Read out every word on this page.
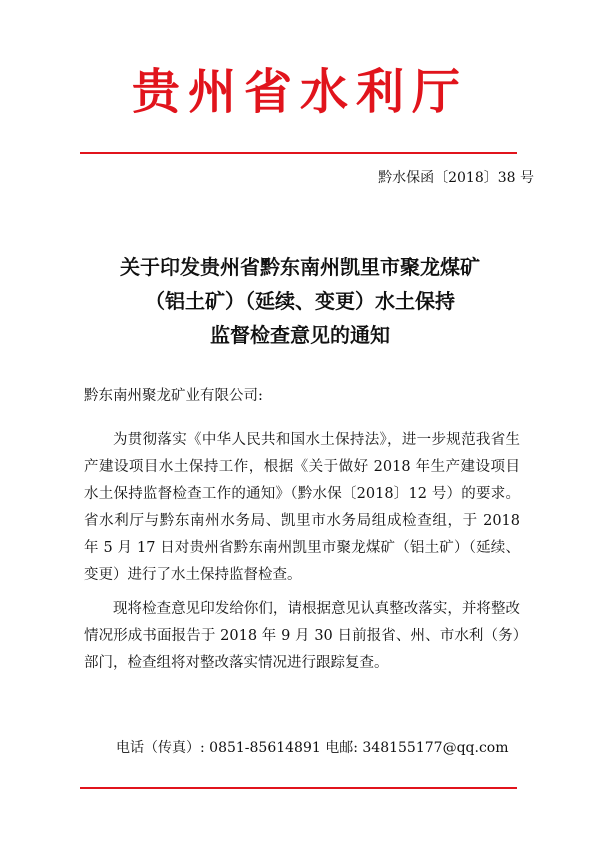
贵州省水利厅
黔水保函〔2018〕38 号
关于印发贵州省黔东南州凯里市聚龙煤矿
（铝土矿）（延续、变更）水土保持
监督检查意见的通知
黔东南州聚龙矿业有限公司:

为贯彻落实《中华人民共和国水土保持法》，进一步规范我省生产建设项目水土保持工作，根据《关于做好 2018 年生产建设项目水土保持监督检查工作的通知》（黔水保〔2018〕12 号）的要求。省水利厅与黔东南州水务局、凯里市水务局组成检查组，于 2018 年 5 月 17 日对贵州省黔东南州凯里市聚龙煤矿（铝土矿）（延续、变更）进行了水土保持监督检查。

现将检查意见印发给你们，请根据意见认真整改落实，并将整改情况形成书面报告于 2018 年 9 月 30 日前报省、州、市水利（务）部门，检查组将对整改落实情况进行跟踪复查。

电话（传真）: 0851-85614891 电邮: 348155177@qq.com
